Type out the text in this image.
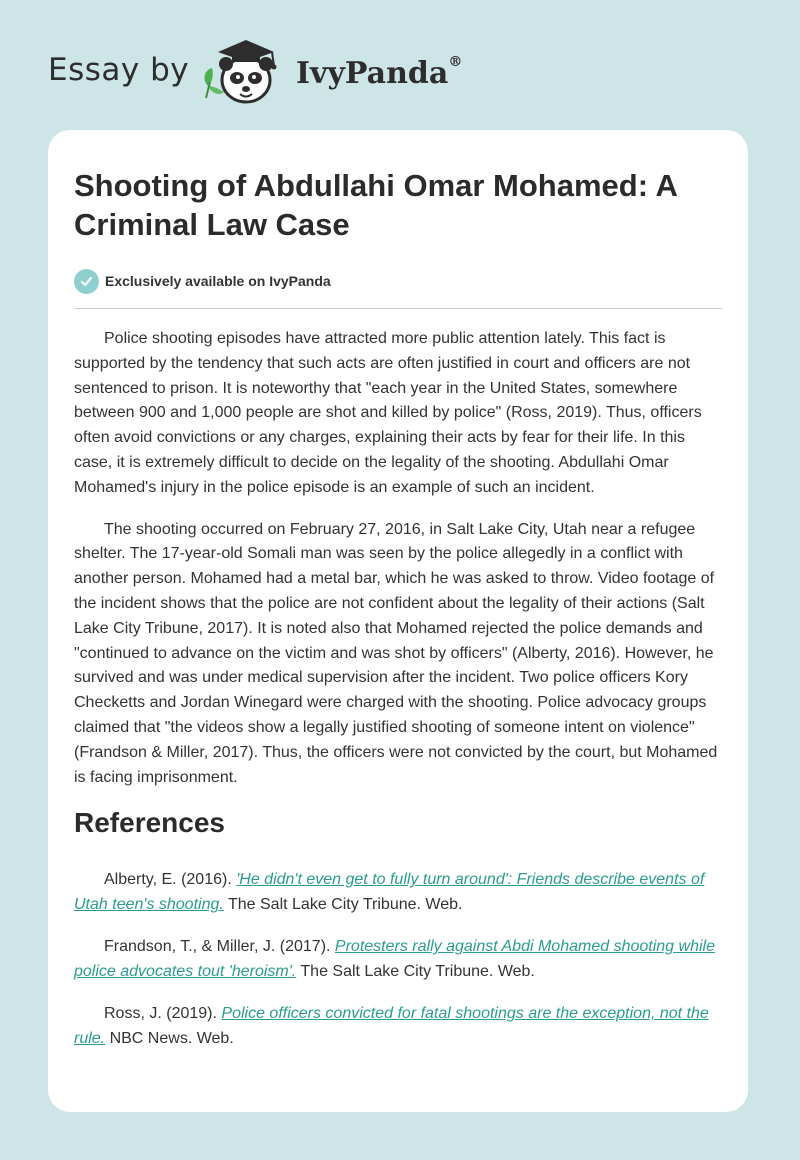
Essay by	IvyPanda®
Shooting of Abdullahi Omar Mohamed: A Criminal Law Case
Exclusively available on IvyPanda

Police shooting episodes have attracted more public attention lately. This fact is supported by the tendency that such acts are often justified in court and officers are not sentenced to prison. It is noteworthy that "each year in the United States, somewhere between 900 and 1,000 people are shot and killed by police" (Ross, 2019). Thus, officers often avoid convictions or any charges, explaining their acts by fear for their life. In this case, it is extremely difficult to decide on the legality of the shooting. Abdullahi Omar Mohamed's injury in the police episode is an example of such an incident.

The shooting occurred on February 27, 2016, in Salt Lake City, Utah near a refugee shelter. The 17-year-old Somali man was seen by the police allegedly in a conflict with another person. Mohamed had a metal bar, which he was asked to throw. Video footage of the incident shows that the police are not confident about the legality of their actions (Salt Lake City Tribune, 2017). It is noted also that Mohamed rejected the police demands and "continued to advance on the victim and was shot by officers" (Alberty, 2016). However, he survived and was under medical supervision after the incident. Two police officers Kory Checketts and Jordan Winegard were charged with the shooting. Police advocacy groups claimed that "the videos show a legally justified shooting of someone intent on violence" (Frandson & Miller, 2017). Thus, the officers were not convicted by the court, but Mohamed is facing imprisonment.

References

Alberty, E. (2016). 'He didn't even get to fully turn around': Friends describe events of Utah teen's shooting. The Salt Lake City Tribune. Web.

Frandson, T., & Miller, J. (2017). Protesters rally against Abdi Mohamed shooting while police advocates tout 'heroism'. The Salt Lake City Tribune. Web.

Ross, J. (2019). Police officers convicted for fatal shootings are the exception, not the rule. NBC News. Web.
